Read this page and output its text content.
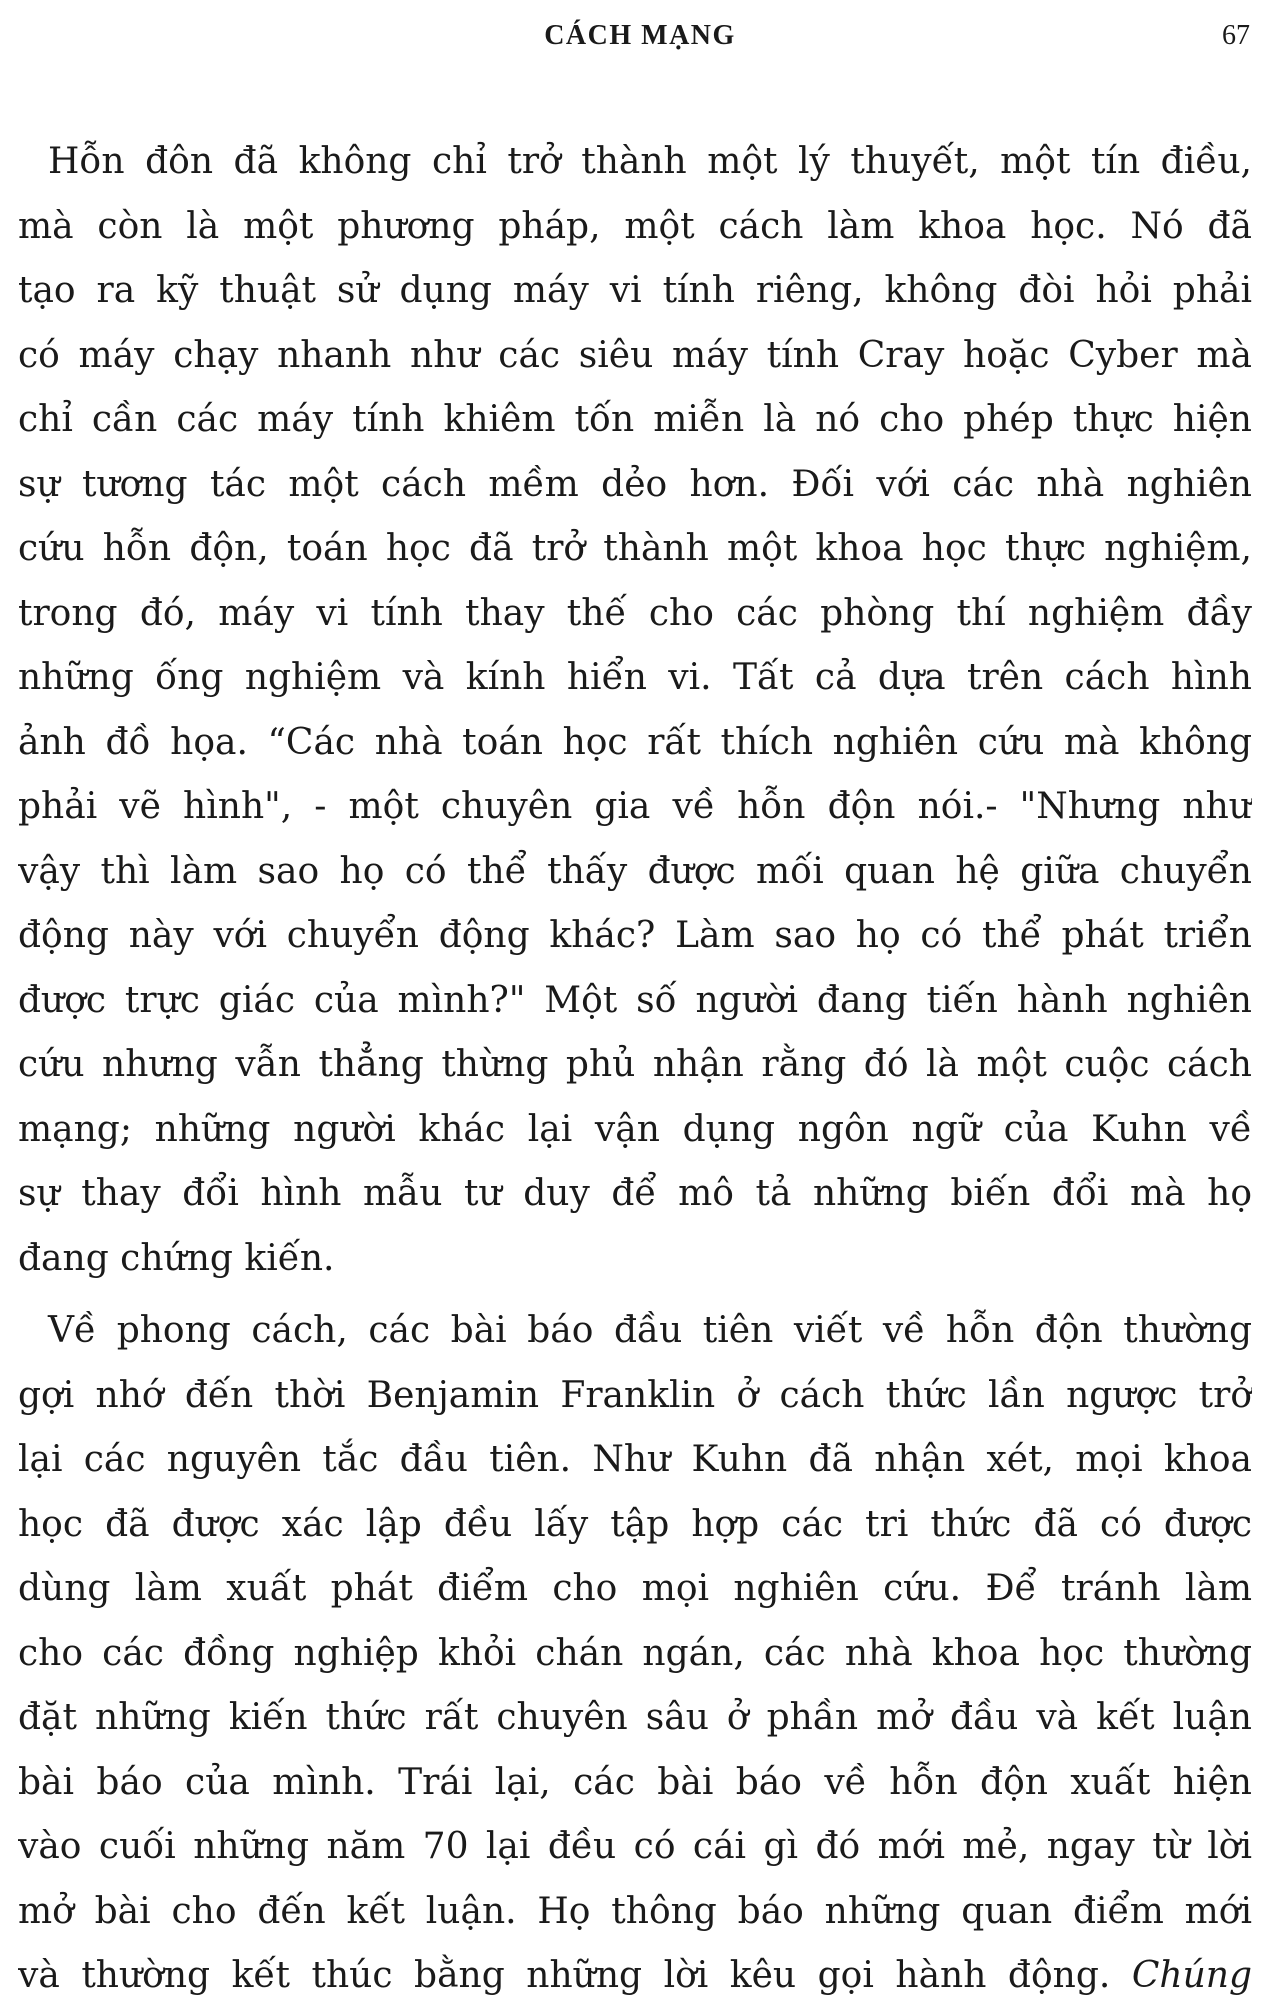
CÁCH MẠNG	67
Hỗn đôn đã không chỉ trở thành một lý thuyết, một tín điều,
mà còn là một phương pháp, một cách làm khoa học. Nó đã
tạo ra kỹ thuật sử dụng máy vi tính riêng, không đòi hỏi phải
có máy chạy nhanh như các siêu máy tính Cray hoặc Cyber mà
chỉ cần các máy tính khiêm tốn miễn là nó cho phép thực hiện
sự tương tác một cách mềm dẻo hơn. Đối với các nhà nghiên
cứu hỗn độn, toán học đã trở thành một khoa học thực nghiệm,
trong đó, máy vi tính thay thế cho các phòng thí nghiệm đầy
những ống nghiệm và kính hiển vi. Tất cả dựa trên cách hình
ảnh đồ họa. “Các nhà toán học rất thích nghiên cứu mà không
phải vẽ hình", - một chuyên gia về hỗn độn nói.- "Nhưng như
vậy thì làm sao họ có thể thấy được mối quan hệ giữa chuyển
động này với chuyển động khác? Làm sao họ có thể phát triển
được trực giác của mình?" Một số người đang tiến hành nghiên
cứu nhưng vẫn thẳng thừng phủ nhận rằng đó là một cuộc cách
mạng; những người khác lại vận dụng ngôn ngữ của Kuhn về
sự thay đổi hình mẫu tư duy để mô tả những biến đổi mà họ
đang chứng kiến.
Về phong cách, các bài báo đầu tiên viết về hỗn độn thường
gợi nhớ đến thời Benjamin Franklin ở cách thức lần ngược trở
lại các nguyên tắc đầu tiên. Như Kuhn đã nhận xét, mọi khoa
học đã được xác lập đều lấy tập hợp các tri thức đã có được
dùng làm xuất phát điểm cho mọi nghiên cứu. Để tránh làm
cho các đồng nghiệp khỏi chán ngán, các nhà khoa học thường
đặt những kiến thức rất chuyên sâu ở phần mở đầu và kết luận
bài báo của mình. Trái lại, các bài báo về hỗn độn xuất hiện
vào cuối những năm 70 lại đều có cái gì đó mới mẻ, ngay từ lời
mở bài cho đến kết luận. Họ thông báo những quan điểm mới
và thường kết thúc bằng những lời kêu gọi hành động. Chúng
